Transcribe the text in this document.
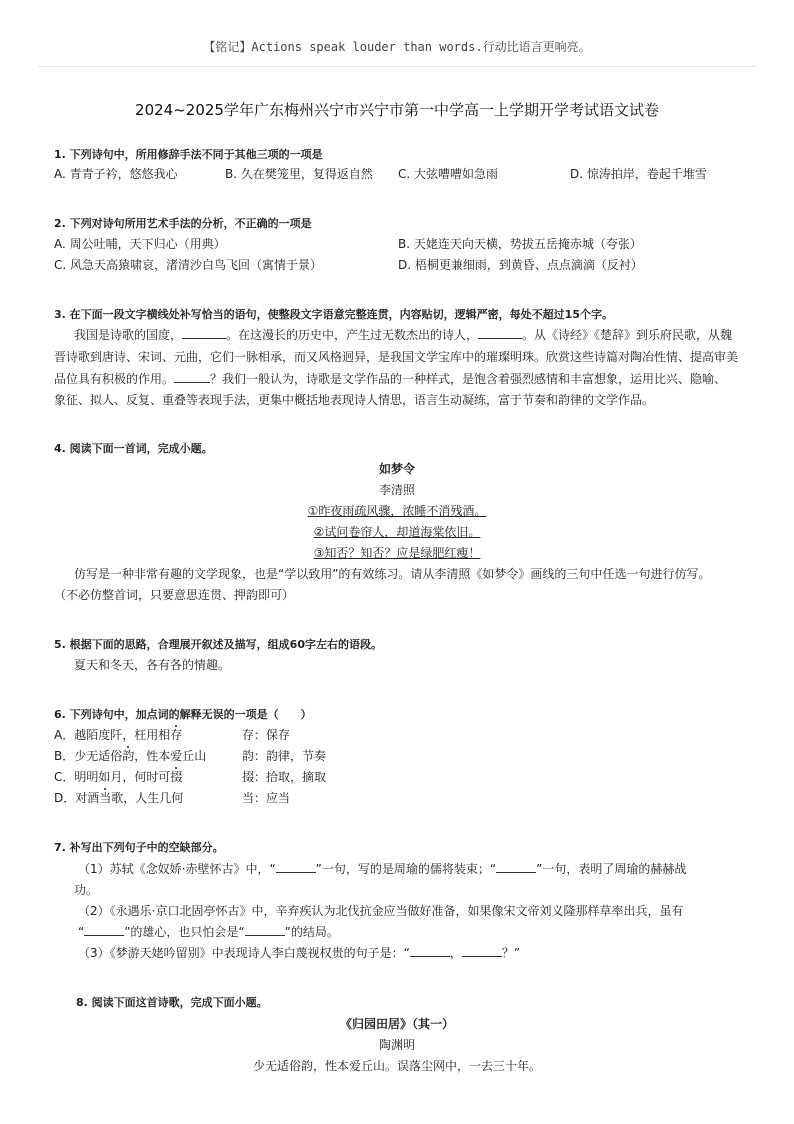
【铭记】Actions speak louder than words.行动比语言更响亮。
2024~2025学年广东梅州兴宁市兴宁市第一中学高一上学期开学考试语文试卷
1. 下列诗句中，所用修辞手法不同于其他三项的一项是
A. 青青子衿，悠悠我心	B. 久在樊笼里，复得返自然 C. 大弦嘈嘈如急雨	D. 惊涛拍岸，卷起千堆雪
2. 下列对诗句所用艺术手法的分析，不正确的一项是
A. 周公吐哺，天下归心（用典）	B. 天姥连天向天横，势拔五岳掩赤城（夸张）
C. 风急天高猿啸哀，渚清沙白鸟飞回（寓情于景）	D. 梧桐更兼细雨，到黄昏、点点滴滴（反衬）
3. 在下面一段文字横线处补写恰当的语句，使整段文字语意完整连贯，内容贴切，逻辑严密，每处不超过15个字。
我国是诗歌的国度，	。在这漫长的历史中，产生过无数杰出的诗人，	。从《诗经》《楚辞》到乐府民歌，从魏
晋诗歌到唐诗、宋词、元曲，它们一脉相承，而又风格迥异，是我国文学宝库中的璀璨明珠。欣赏这些诗篇对陶冶性情、提高审美
品位具有积极的作用。	？我们一般认为，诗歌是文学作品的一种样式，是饱含着强烈感情和丰富想象，运用比兴、隐喻、
象征、拟人、反复、重叠等表现手法，更集中概括地表现诗人情思，语言生动凝练，富于节奏和韵律的文学作品。
4. 阅读下面一首词，完成小题。
如梦令
李清照
①昨夜雨疏风骤，浓睡不消残酒。
②试问卷帘人，却道海棠依旧。
③知否？知否？应是绿肥红瘦！
仿写是一种非常有趣的文学现象，也是“学以致用”的有效练习。请从李清照《如梦令》画线的三句中任选一句进行仿写。
（不必仿整首词，只要意思连贯、押韵即可）
5. 根据下面的思路，合理展开叙述及描写，组成60字左右的语段。
夏天和冬天，各有各的情趣。
6. 下列诗句中，加点词的解释无误的一项是（　　）
A．越陌度阡，枉用相存	存：保存
B．少无适俗韵，性本爱丘山	韵：韵律，节奏
C．明明如月，何时可掇	掇：拾取，摘取
D．对酒当歌，人生几何	当：应当
7. 补写出下列句子中的空缺部分。
（1）苏轼《念奴娇·赤壁怀古》中，“	”一句，写的是周瑜的儒将装束；“	”一句，表明了周瑜的赫赫战
功。
（2）《永遇乐·京口北固亭怀古》中，辛弃疾认为北伐抗金应当做好准备，如果像宋文帝刘义隆那样草率出兵，虽有
“	”的雄心，也只怕会是“	”的结局。
（3）《梦游天姥吟留别》中表现诗人李白蔑视权贵的句子是：“	，	？”
8. 阅读下面这首诗歌，完成下面小题。
《归园田居》（其一）
陶渊明
少无适俗韵，性本爱丘山。误落尘网中，一去三十年。
